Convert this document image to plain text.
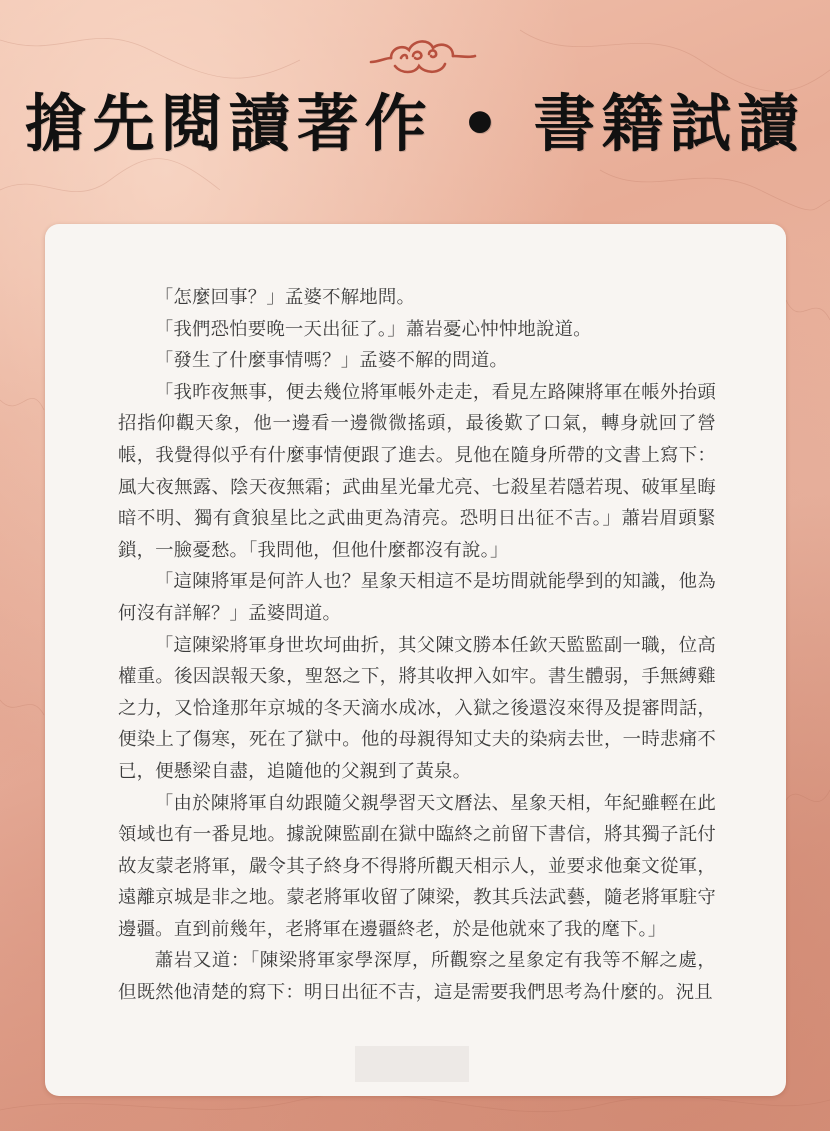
搶先閱讀著作 • 書籍試讀

「怎麼回事？」孟婆不解地問。

「我們恐怕要晚一天出征了。」蕭岩憂心忡忡地說道。

「發生了什麼事情嗎？」孟婆不解的問道。

「我昨夜無事，便去幾位將軍帳外走走，看見左路陳將軍在帳外抬頭招指仰觀天象，他一邊看一邊微微搖頭，最後歎了口氣，轉身就回了營帳，我覺得似乎有什麼事情便跟了進去。見他在隨身所帶的文書上寫下：風大夜無露、陰天夜無霜；武曲星光暈尤亮、七殺星若隱若現、破軍星晦暗不明、獨有貪狼星比之武曲更為清亮。恐明日出征不吉。」蕭岩眉頭緊鎖，一臉憂愁。「我問他，但他什麼都沒有說。」

「這陳將軍是何許人也？星象天相這不是坊間就能學到的知識，他為何沒有詳解？」孟婆問道。

「這陳梁將軍身世坎坷曲折，其父陳文勝本任欽天監監副一職，位高權重。後因誤報天象，聖怒之下，將其收押入如牢。書生體弱，手無縛雞之力，又恰逢那年京城的冬天滴水成冰，入獄之後還沒來得及提審問話，便染上了傷寒，死在了獄中。他的母親得知丈夫的染病去世，一時悲痛不已，便懸梁自盡，追隨他的父親到了黃泉。

「由於陳將軍自幼跟隨父親學習天文曆法、星象天相，年紀雖輕在此領域也有一番見地。據說陳監副在獄中臨終之前留下書信，將其獨子託付故友蒙老將軍，嚴令其子終身不得將所觀天相示人，並要求他棄文從軍，遠離京城是非之地。蒙老將軍收留了陳梁，教其兵法武藝，隨老將軍駐守邊疆。直到前幾年，老將軍在邊疆終老，於是他就來了我的麾下。」

蕭岩又道：「陳梁將軍家學深厚，所觀察之星象定有我等不解之處，但既然他清楚的寫下：明日出征不吉，這是需要我們思考為什麼的。況且
